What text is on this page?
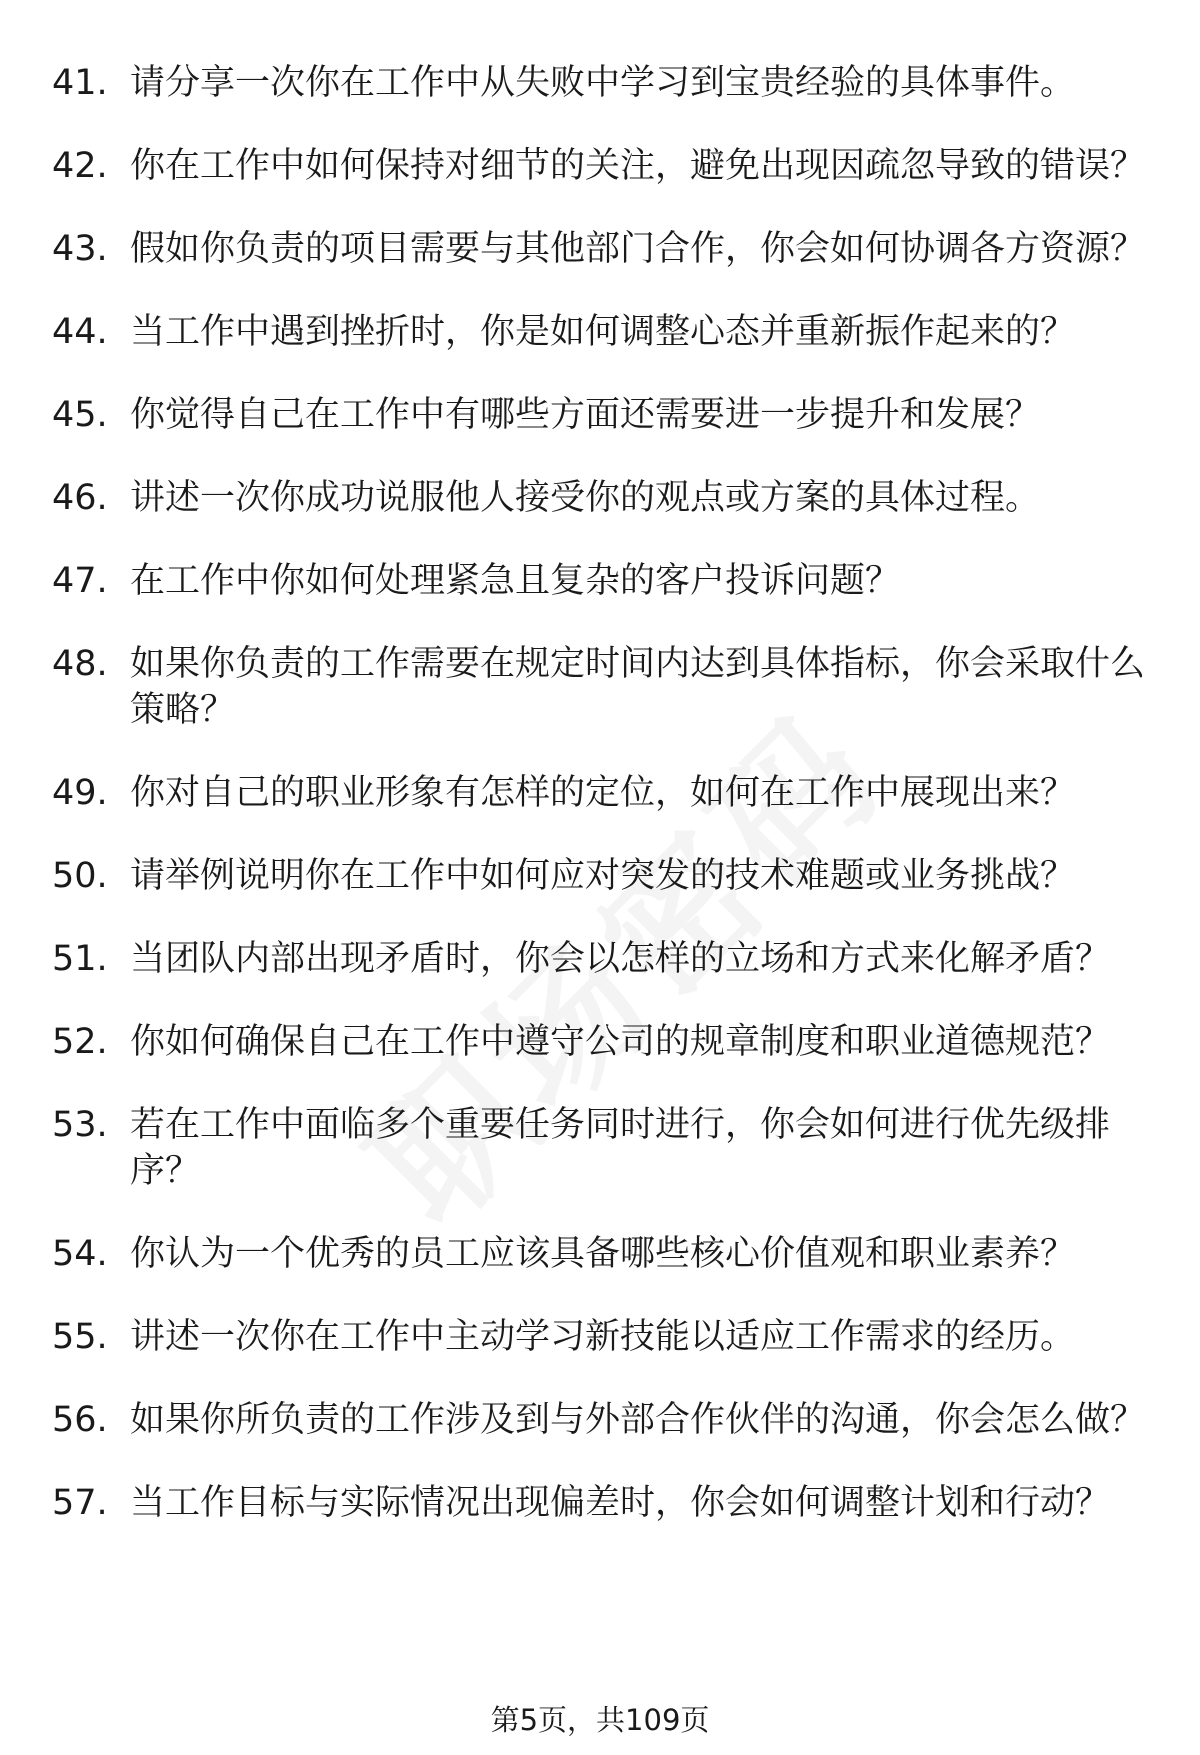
41. 请分享一次你在工作中从失败中学习到宝贵经验的具体事件。
42. 你在工作中如何保持对细节的关注，避免出现因疏忽导致的错误？
43. 假如你负责的项目需要与其他部门合作，你会如何协调各方资源？
44. 当工作中遇到挫折时，你是如何调整心态并重新振作起来的？
45. 你觉得自己在工作中有哪些方面还需要进一步提升和发展？
46. 讲述一次你成功说服他人接受你的观点或方案的具体过程。
47. 在工作中你如何处理紧急且复杂的客户投诉问题？
48. 如果你负责的工作需要在规定时间内达到具体指标，你会采取什么策略？
49. 你对自己的职业形象有怎样的定位，如何在工作中展现出来？
50. 请举例说明你在工作中如何应对突发的技术难题或业务挑战？
51. 当团队内部出现矛盾时，你会以怎样的立场和方式来化解矛盾？
52. 你如何确保自己在工作中遵守公司的规章制度和职业道德规范？
53. 若在工作中面临多个重要任务同时进行，你会如何进行优先级排序？
54. 你认为一个优秀的员工应该具备哪些核心价值观和职业素养？
55. 讲述一次你在工作中主动学习新技能以适应工作需求的经历。
56. 如果你所负责的工作涉及到与外部合作伙伴的沟通，你会怎么做？
57. 当工作目标与实际情况出现偏差时，你会如何调整计划和行动？
第5页，共109页
